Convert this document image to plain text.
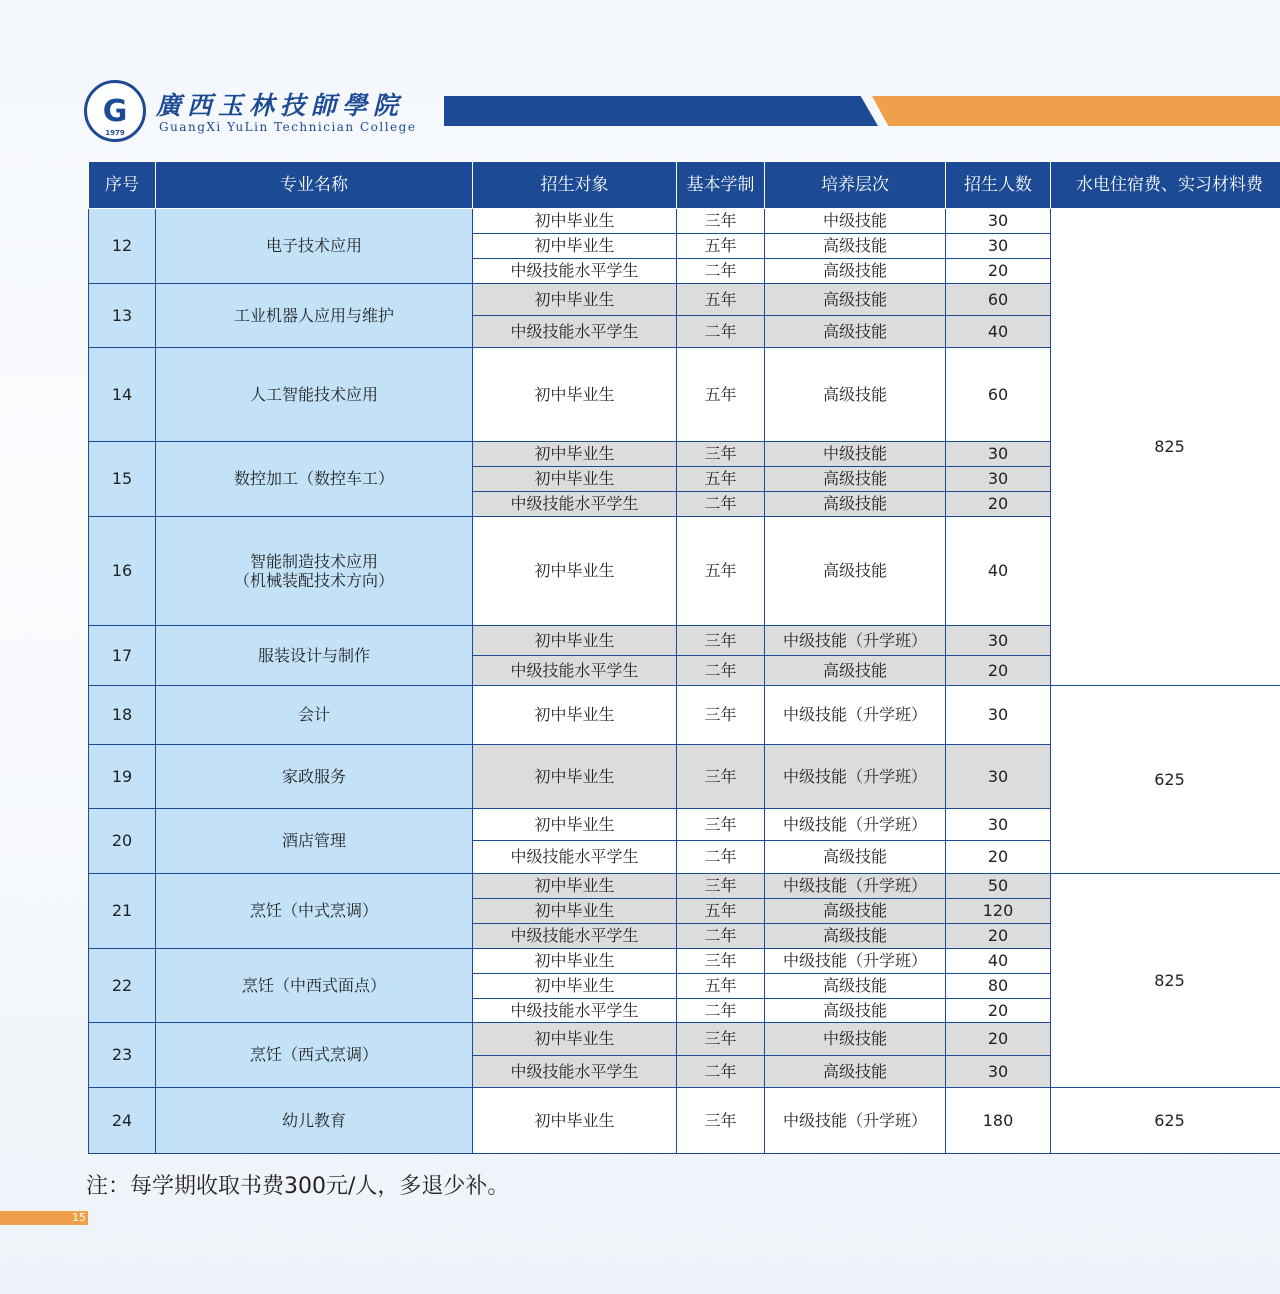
G
1979
廣西玉林技師學院
GuangXi YuLin Technician College
序号	专业名称	招生对象	基本学制	培养层次	招生人数	水电住宿费、实习材料费
12	电子技术应用	初中毕业生	三年	中级技能	30	825
		初中毕业生	五年	高级技能	30	
		中级技能水平学生	二年	高级技能	20	
13	工业机器人应用与维护	初中毕业生	五年	高级技能	60	
		中级技能水平学生	二年	高级技能	40	
14	人工智能技术应用	初中毕业生	五年	高级技能	60	
15	数控加工（数控车工）	初中毕业生	三年	中级技能	30	
		初中毕业生	五年	高级技能	30	
		中级技能水平学生	二年	高级技能	20	
16	智能制造技术应用
（机械装配技术方向）	初中毕业生	五年	高级技能	40	
17	服装设计与制作	初中毕业生	三年	中级技能（升学班）	30	
		中级技能水平学生	二年	高级技能	20	
18	会计	初中毕业生	三年	中级技能（升学班）	30	625
19	家政服务	初中毕业生	三年	中级技能（升学班）	30	
20	酒店管理	初中毕业生	三年	中级技能（升学班）	30	
		中级技能水平学生	二年	高级技能	20	
21	烹饪（中式烹调）	初中毕业生	三年	中级技能（升学班）	50	825
		初中毕业生	五年	高级技能	120	
		中级技能水平学生	二年	高级技能	20	
22	烹饪（中西式面点）	初中毕业生	三年	中级技能（升学班）	40	
		初中毕业生	五年	高级技能	80	
		中级技能水平学生	二年	高级技能	20	
23	烹饪（西式烹调）	初中毕业生	三年	中级技能	20	
		中级技能水平学生	二年	高级技能	30	
24	幼儿教育	初中毕业生	三年	中级技能（升学班）	180	625
注：每学期收取书费300元/人，多退少补。
15
